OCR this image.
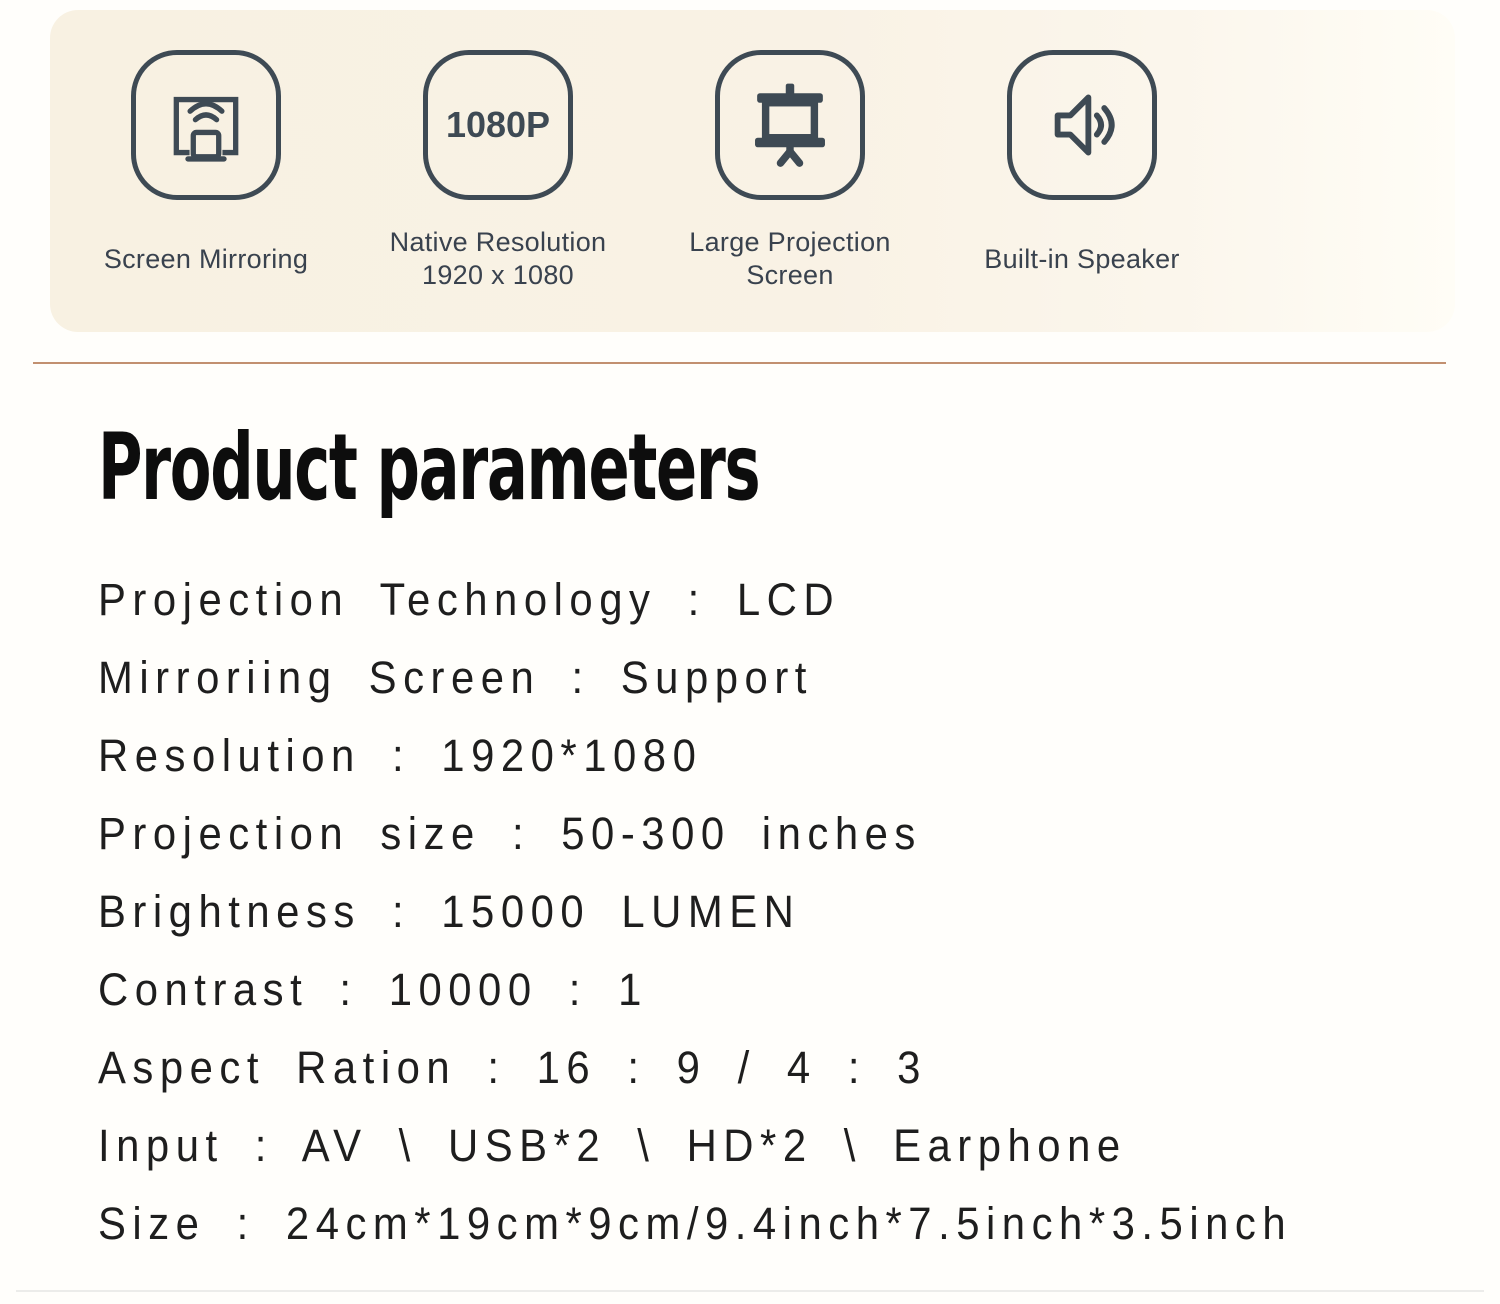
Screen Mirroring
1080P
Native Resolution
1920 x 1080
Large Projection
Screen
Built-in Speaker
Product parameters
Projection Technology : LCD
Mirroriing Screen : Support
Resolution : 1920*1080
Projection size : 50-300 inches
Brightness : 15000 LUMEN
Contrast : 10000 : 1
Aspect Ration : 16 : 9 / 4 : 3
Input : AV \ USB*2 \ HD*2 \ Earphone
Size : 24cm*19cm*9cm/9.4inch*7.5inch*3.5inch
